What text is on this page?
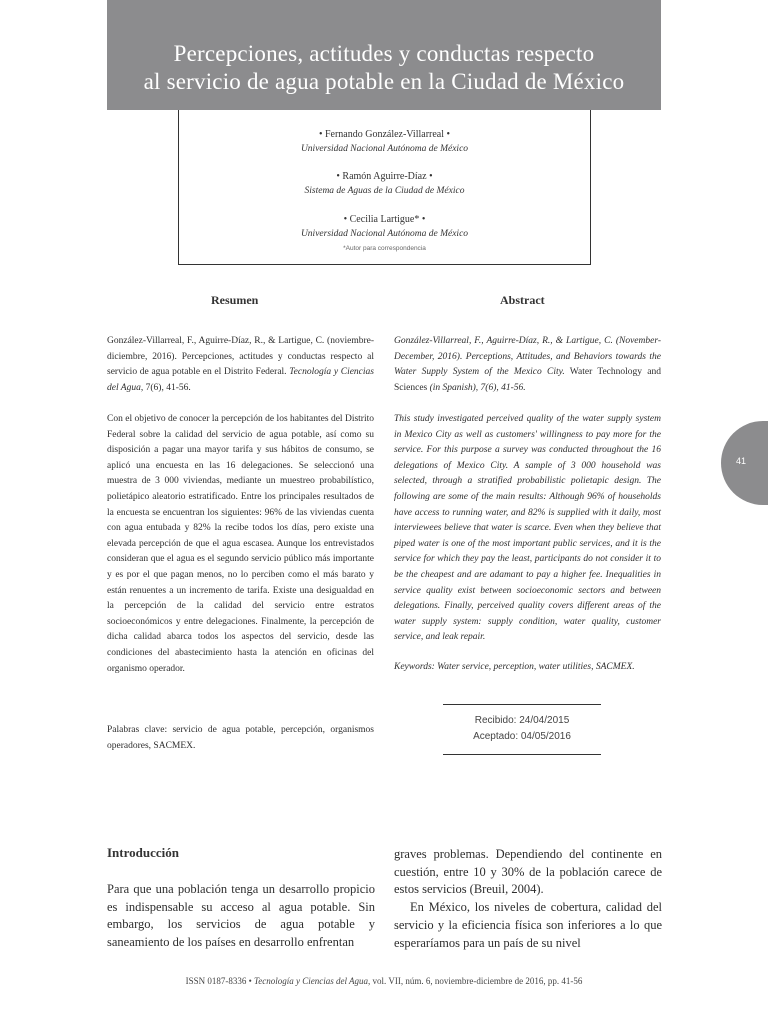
Percepciones, actitudes y conductas respecto
al servicio de agua potable en la Ciudad de México
• Fernando González-Villarreal •
Universidad Nacional Autónoma de México
• Ramón Aguirre-Díaz •
Sistema de Aguas de la Ciudad de México
• Cecilia Lartigue* •
Universidad Nacional Autónoma de México
*Autor para correspondencia
Resumen	Abstract

González-Villarreal, F., Aguirre-Díaz, R., & Lartigue, C. (noviembre-diciembre, 2016). Percepciones, actitudes y conductas respecto al servicio de agua potable en el Distrito Federal. Tecnología y Ciencias del Agua, 7(6), 41-56.

Con el objetivo de conocer la percepción de los habitantes del Distrito Federal sobre la calidad del servicio de agua potable, así como su disposición a pagar una mayor tarifa y sus hábitos de consumo, se aplicó una encuesta en las 16 delegaciones. Se seleccionó una muestra de 3 000 viviendas, mediante un muestreo probabilístico, polietápico aleatorio estratificado. Entre los principales resultados de la encuesta se encuentran los siguientes: 96% de las viviendas cuenta con agua entubada y 82% la recibe todos los días, pero existe una elevada percepción de que el agua escasea. Aunque los entrevistados consideran que el agua es el segundo servicio público más importante y es por el que pagan menos, no lo perciben como el más barato y están renuentes a un incremento de tarifa. Existe una desigualdad en la percepción de la calidad del servicio entre estratos socioeconómicos y entre delegaciones. Finalmente, la percepción de dicha calidad abarca todos los aspectos del servicio, desde las condiciones del abastecimiento hasta la atención en oficinas del organismo operador.

Palabras clave: servicio de agua potable, percepción, organismos operadores, SACMEX.

González-Villarreal, F., Aguirre-Díaz, R., & Lartigue, C. (November-December, 2016). Perceptions, Attitudes, and Behaviors towards the Water Supply System of the Mexico City. Water Technology and Sciences (in Spanish), 7(6), 41-56.

This study investigated perceived quality of the water supply system in Mexico City as well as customers' willingness to pay more for the service. For this purpose a survey was conducted throughout the 16 delegations of Mexico City. A sample of 3 000 household was selected, through a stratified probabilistic polietapic design. The following are some of the main results: Although 96% of households have access to running water, and 82% is supplied with it daily, most interviewees believe that water is scarce. Even when they believe that piped water is one of the most important public services, and it is the service for which they pay the least, participants do not consider it to be the cheapest and are adamant to pay a higher fee. Inequalities in service quality exist between socioeconomic sectors and between delegations. Finally, perceived quality covers different areas of the water supply system: supply condition, water quality, customer service, and leak repair.

Keywords: Water service, perception, water utilities, SACMEX.

Recibido: 24/04/2015
Aceptado: 04/05/2016
41
Introducción

Para que una población tenga un desarrollo propicio es indispensable su acceso al agua potable. Sin embargo, los servicios de agua potable y saneamiento de los países en desarrollo enfrentan

graves problemas. Dependiendo del continente en cuestión, entre 10 y 30% de la población carece de estos servicios (Breuil, 2004).

En México, los niveles de cobertura, calidad del servicio y la eficiencia física son inferiores a lo que esperaríamos para un país de su nivel

ISSN 0187-8336 • Tecnología y Ciencias del Agua, vol. VII, núm. 6, noviembre-diciembre de 2016, pp. 41-56
